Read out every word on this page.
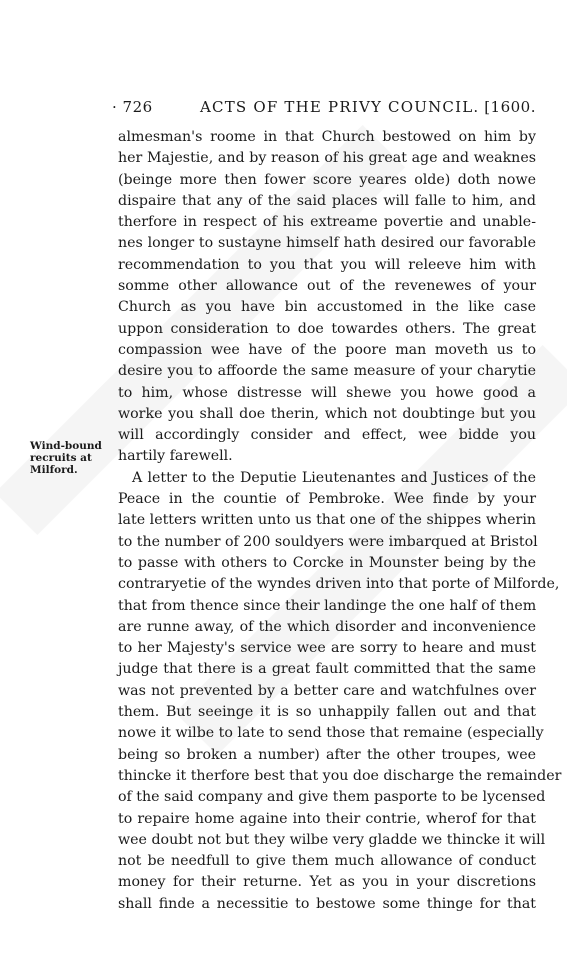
· 726	ACTS OF THE PRIVY COUNCIL. [1600.
Wind-bound
recruits at
Milford.
almesman's roome in that Church bestowed on him by
her Majestie, and by reason of his great age and weaknes
(beinge more then fower score yeares olde) doth nowe
dispaire that any of the said places will falle to him, and
therfore in respect of his extreame povertie and unable-
nes longer to sustayne himself hath desired our favorable
recommendation to you that you will releeve him with
somme other allowance out of the revenewes of your
Church as you have bin accustomed in the like case
uppon consideration to doe towardes others. The great
compassion wee have of the poore man moveth us to
desire you to affoorde the same measure of your charytie
to him, whose distresse will shewe you howe good a
worke you shall doe therin, which not doubtinge but you
will accordingly consider and effect, wee bidde you
hartily farewell.
A letter to the Deputie Lieutenantes and Justices of the
Peace in the countie of Pembroke. Wee finde by your
late letters written unto us that one of the shippes wherin
to the number of 200 souldyers were imbarqued at Bristol
to passe with others to Corcke in Mounster being by the
contraryetie of the wyndes driven into that porte of Milforde,
that from thence since their landinge the one half of them
are runne away, of the which disorder and inconvenience
to her Majesty's service wee are sorry to heare and must
judge that there is a great fault committed that the same
was not prevented by a better care and watchfulnes over
them. But seeinge it is so unhappily fallen out and that
nowe it wilbe to late to send those that remaine (especially
being so broken a number) after the other troupes, wee
thincke it therfore best that you doe discharge the remainder
of the said company and give them pasporte to be lycensed
to repaire home againe into their contrie, wherof for that
wee doubt not but they wilbe very gladde we thincke it will
not be needfull to give them much allowance of conduct
money for their returne. Yet as you in your discretions
shall finde a necessitie to bestowe some thinge for that
